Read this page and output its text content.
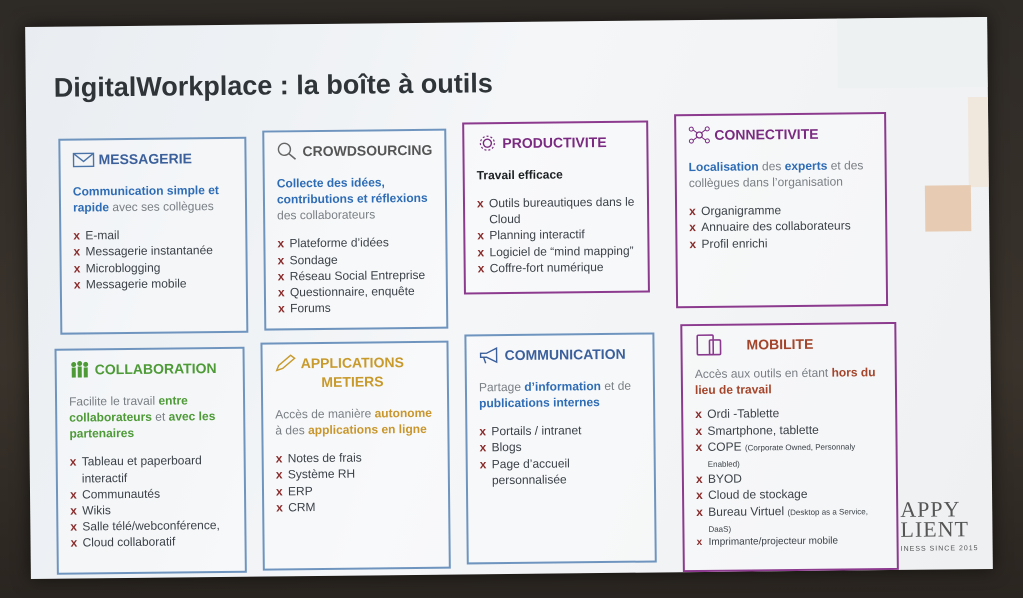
DigitalWorkplace : la boîte à outils
MESSAGERIE
Communication simple et rapide avec ses collègues
x E-mail
x Messagerie instantanée
x Microblogging
x Messagerie mobile
CROWDSOURCING
Collecte des idées, contributions et réflexions des collaborateurs
x Plateforme d’idées
x Sondage
x Réseau Social Entreprise
x Questionnaire, enquête
x Forums
PRODUCTIVITE
Travail efficace
x Outils bureautiques dans le Cloud
x Planning interactif
x Logiciel de “mind mapping”
x Coffre-fort numérique
CONNECTIVITE
Localisation des experts et des collègues dans l’organisation
x Organigramme
x Annuaire des collaborateurs
x Profil enrichi
COLLABORATION
Facilite le travail entre collaborateurs et avec les partenaires
x Tableau et paperboard interactif
x Communautés
x Wikis
x Salle télé/webconférence,
x Cloud collaboratif
APPLICATIONS
METIERS
Accès de manière autonome à des applications en ligne
x Notes de frais
x Système RH
x ERP
x CRM
COMMUNICATION
Partage d’information et de publications internes
x Portails / intranet
x Blogs
x Page d’accueil personnalisée
MOBILITE
Accès aux outils en étant hors du lieu de travail
x Ordi -Tablette
x Smartphone, tablette
x COPE (Corporate Owned, Personnaly Enabled)
x BYOD
x Cloud de stockage
x Bureau Virtuel (Desktop as a Service, DaaS)
x Imprimante/projecteur mobile
APPY
LIENT
INESS SINCE 2015
